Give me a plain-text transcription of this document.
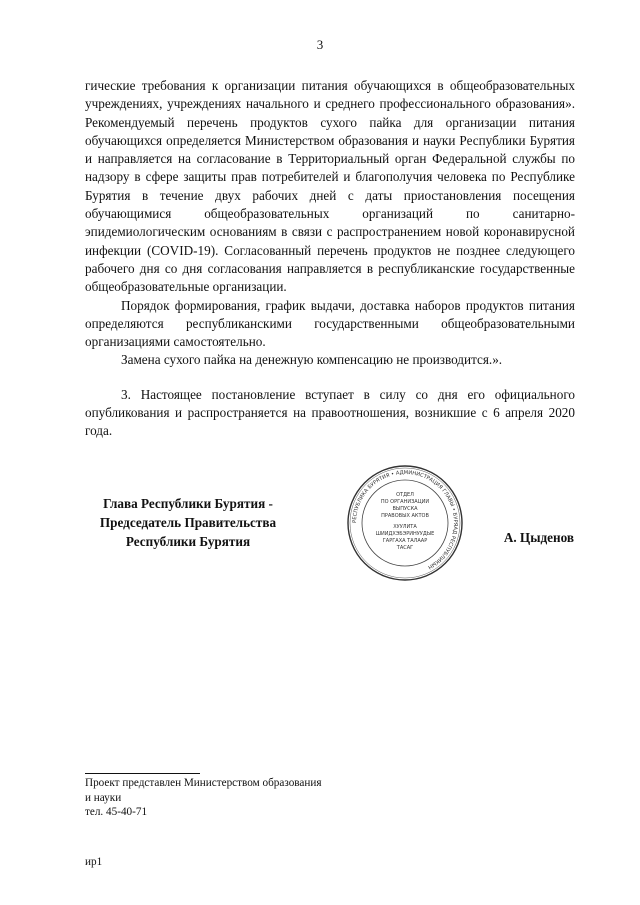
3

гические требования к организации питания обучающихся в общеобразовательных учреждениях, учреждениях начального и среднего профессионального образования». Рекомендуемый перечень продуктов сухого пайка для организации питания обучающихся определяется Министерством образования и науки Республики Бурятия и направляется на согласование в Территориальный орган Федеральной службы по надзору в сфере защиты прав потребителей и благополучия человека по Республике Бурятия в течение двух рабочих дней с даты приостановления посещения обучающимися общеобразовательных организаций по санитарно-эпидемиологическим основаниям в связи с распространением новой коронавирусной инфекции (COVID-19). Согласованный перечень продуктов не позднее следующего рабочего дня со дня согласования направляется в республиканские государственные общеобразовательные организации.

Порядок формирования, график выдачи, доставка наборов продуктов питания определяются республиканскими государственными общеобразовательными организациями самостоятельно.

Замена сухого пайка на денежную компенсацию не производится.».

3. Настоящее постановление вступает в силу со дня его официального опубликования и распространяется на правоотношения, возникшие с 6 апреля 2020 года.

Глава Республики Бурятия -
Председатель Правительства
Республики Бурятия
РЕСПУБЛИКА БУРЯТИЯ • АДМИНИСТРАЦИЯ ГЛАВЫ • БУРЯАД РЕСПУБЛИКЫН
ОТДЕЛ
ПО ОРГАНИЗАЦИИ
ВЫПУСКА
ПРАВОВЫХ АКТОВ
ХУУЛИТА
ШИИДХЭБЭРИНУУДЫЕ
ГАРГАХА ТАЛААР
ТАСАГ
А. Цыденов
Проект представлен Министерством образования
и науки
тел. 45-40-71
ир1
